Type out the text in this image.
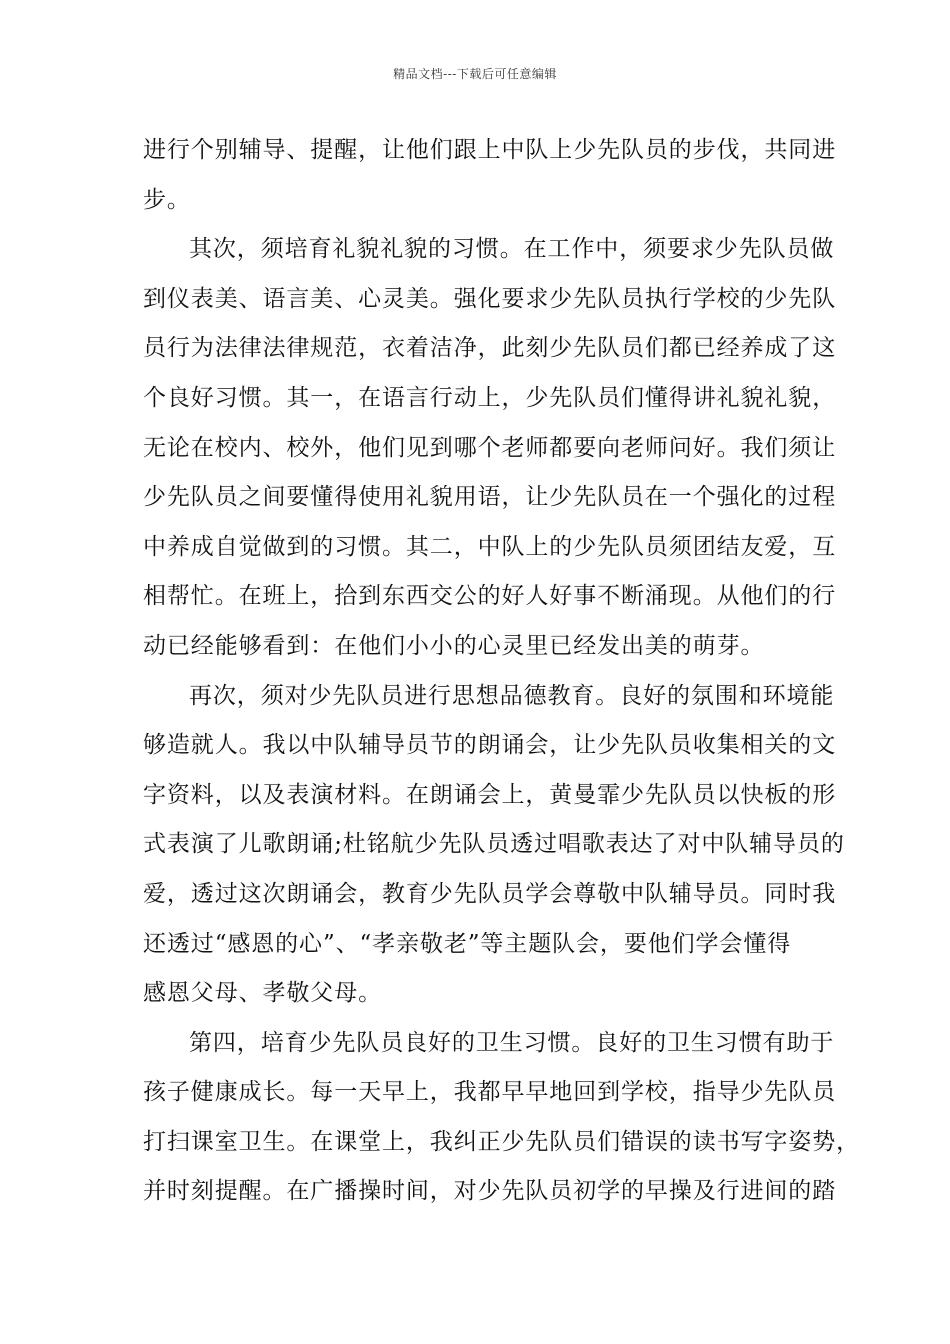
精品文档---下载后可任意编辑
进行个别辅导、提醒，让他们跟上中队上少先队员的步伐，共同进
步。
其次，须培育礼貌礼貌的习惯。在工作中，须要求少先队员做
到仪表美、语言美、心灵美。强化要求少先队员执行学校的少先队
员行为法律法律规范，衣着洁净，此刻少先队员们都已经养成了这
个良好习惯。其一，在语言行动上，少先队员们懂得讲礼貌礼貌，
无论在校内、校外，他们见到哪个老师都要向老师问好。我们须让
少先队员之间要懂得使用礼貌用语，让少先队员在一个强化的过程
中养成自觉做到的习惯。其二，中队上的少先队员须团结友爱，互
相帮忙。在班上，拾到东西交公的好人好事不断涌现。从他们的行
动已经能够看到：在他们小小的心灵里已经发出美的萌芽。
再次，须对少先队员进行思想品德教育。良好的氛围和环境能
够造就人。我以中队辅导员节的朗诵会，让少先队员收集相关的文
字资料，以及表演材料。在朗诵会上，黄曼霏少先队员以快板的形
式表演了儿歌朗诵;杜铭航少先队员透过唱歌表达了对中队辅导员的
爱，透过这次朗诵会，教育少先队员学会尊敬中队辅导员。同时我
还透过“感恩的心”、“孝亲敬老”等主题队会，要他们学会懂得
感恩父母、孝敬父母。
第四，培育少先队员良好的卫生习惯。良好的卫生习惯有助于
孩子健康成长。每一天早上，我都早早地回到学校，指导少先队员
打扫课室卫生。在课堂上，我纠正少先队员们错误的读书写字姿势，
并时刻提醒。在广播操时间，对少先队员初学的早操及行进间的踏
